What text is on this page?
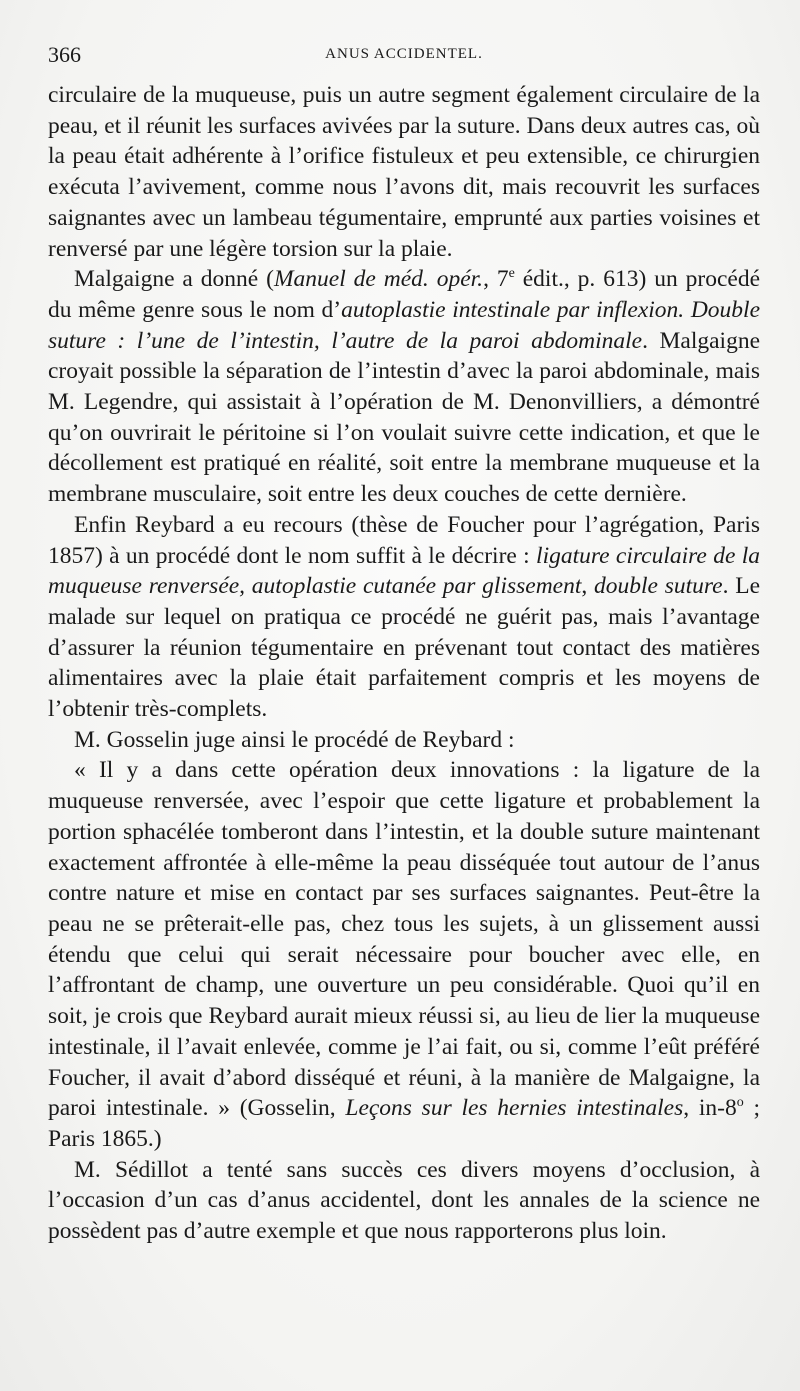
366	ANUS ACCIDENTEL.

circulaire de la muqueuse, puis un autre segment également circulaire de la peau, et il réunit les surfaces avivées par la suture. Dans deux autres cas, où la peau était adhérente à l’orifice fistuleux et peu extensible, ce chirurgien exécuta l’avivement, comme nous l’avons dit, mais recouvrit les surfaces saignantes avec un lambeau tégumentaire, emprunté aux parties voisines et renversé par une légère torsion sur la plaie.

Malgaigne a donné (Manuel de méd. opér., 7e édit., p. 613) un procédé du même genre sous le nom d’autoplastie intestinale par inflexion. Double suture : l’une de l’intestin, l’autre de la paroi abdominale. Malgaigne croyait possible la séparation de l’intestin d’avec la paroi abdominale, mais M. Legendre, qui assistait à l’opération de M. Denonvilliers, a démontré qu’on ouvrirait le péritoine si l’on voulait suivre cette indication, et que le décollement est pratiqué en réalité, soit entre la membrane muqueuse et la membrane musculaire, soit entre les deux couches de cette dernière.

Enfin Reybard a eu recours (thèse de Foucher pour l’agrégation, Paris 1857) à un procédé dont le nom suffit à le décrire : ligature circulaire de la muqueuse renversée, autoplastie cutanée par glissement, double suture. Le malade sur lequel on pratiqua ce procédé ne guérit pas, mais l’avantage d’assurer la réunion tégumentaire en prévenant tout contact des matières alimentaires avec la plaie était parfaitement compris et les moyens de l’obtenir très-complets.

M. Gosselin juge ainsi le procédé de Reybard :

« Il y a dans cette opération deux innovations : la ligature de la muqueuse renversée, avec l’espoir que cette ligature et probablement la portion sphacélée tomberont dans l’intestin, et la double suture maintenant exactement affrontée à elle-même la peau disséquée tout autour de l’anus contre nature et mise en contact par ses surfaces saignantes. Peut-être la peau ne se prêterait-elle pas, chez tous les sujets, à un glissement aussi étendu que celui qui serait nécessaire pour boucher avec elle, en l’affrontant de champ, une ouverture un peu considérable. Quoi qu’il en soit, je crois que Reybard aurait mieux réussi si, au lieu de lier la muqueuse intestinale, il l’avait enlevée, comme je l’ai fait, ou si, comme l’eût préféré Foucher, il avait d’abord disséqué et réuni, à la manière de Malgaigne, la paroi intestinale. » (Gosselin, Leçons sur les hernies intestinales, in-8$^o$ ; Paris 1865.)

M. Sédillot a tenté sans succès ces divers moyens d’occlusion, à l’occasion d’un cas d’anus accidentel, dont les annales de la science ne possèdent pas d’autre exemple et que nous rapporterons plus loin.
